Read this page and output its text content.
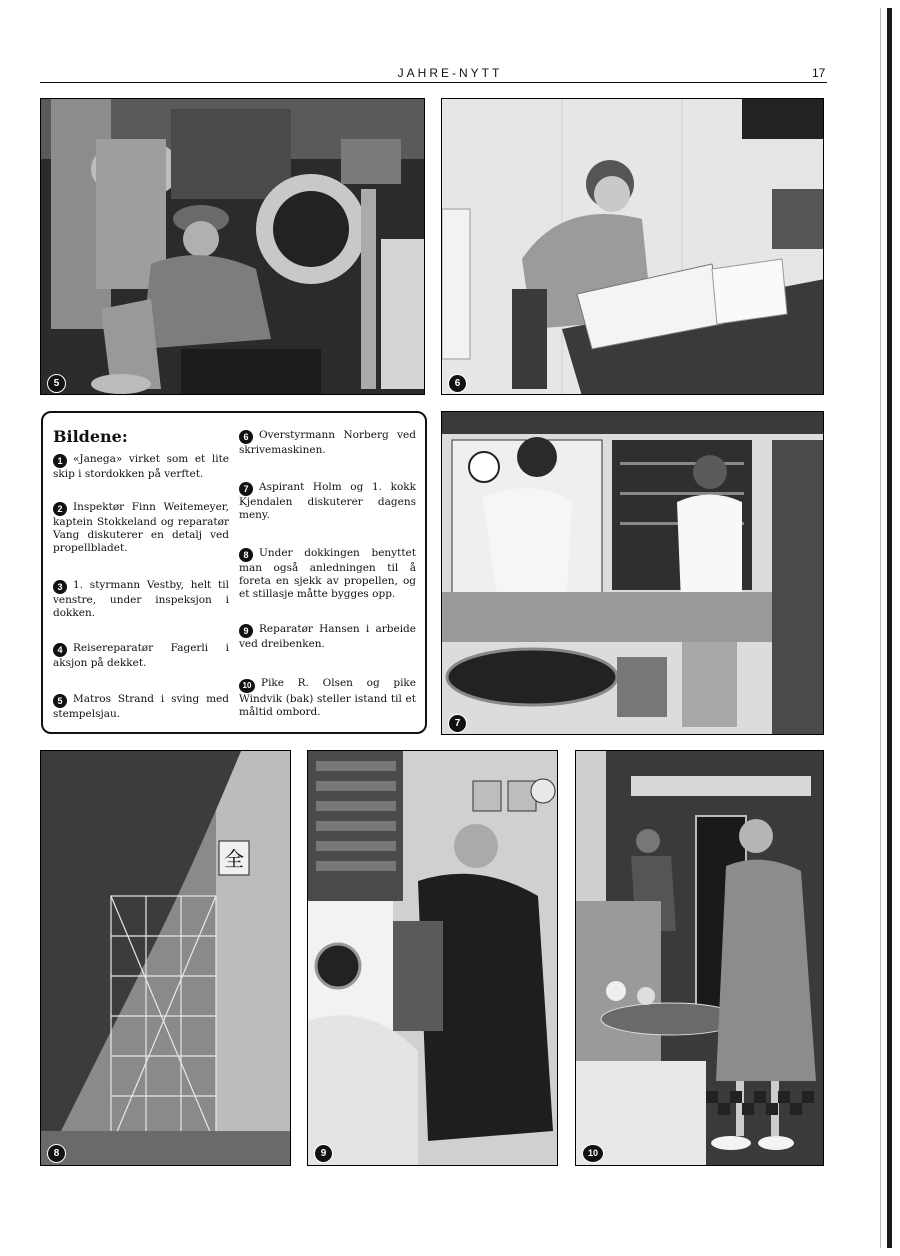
JAHRE-NYTT	17
5	6
Bildene:
1 «Janega» virket som et lite skip i stordokken på verftet.
2 Inspektør Finn Weitemeyer, kaptein Stokkeland og reparatør Vang diskuterer en detalj ved propellbladet.
3 1. styrmann Vestby, helt til venstre, under inspeksjon i dokken.
4 Reisereparatør Fagerli i aksjon på dekket.
5 Matros Strand i sving med stempelsjau.
6 Overstyrmann Norberg ved skrivemaskinen.
7 Aspirant Holm og 1. kokk Kjendalen diskuterer dagens meny.
8 Under dokkingen benyttet man også anledningen til å foreta en sjekk av propellen, og et stillasje måtte bygges opp.
9 Reparatør Hansen i arbeide ved dreibenken.
10 Pike R. Olsen og pike Windvik (bak) steller istand til et måltid ombord.
7
全
8	9	10
